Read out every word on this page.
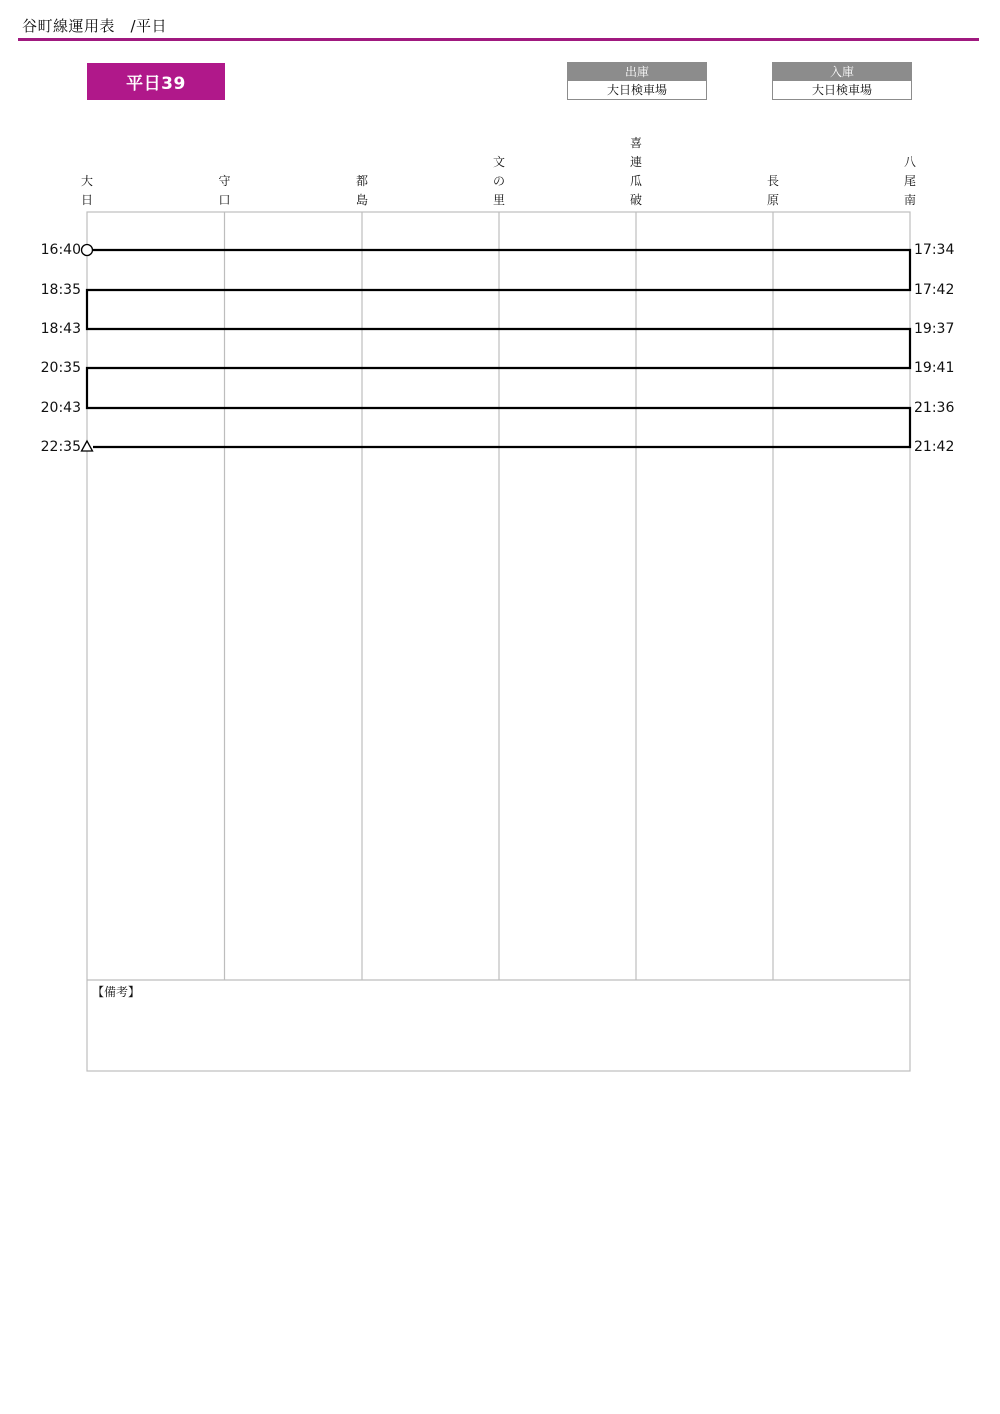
谷町線運用表　/平日
平日39
出庫
大日検車場
入庫
大日検車場
大
日
守
口
都
島
文
の
里
喜
連
瓜
破
長
原
八
尾
南
16:40
18:35
18:43
20:35
20:43
22:35
17:34
17:42
19:37
19:41
21:36
21:42
【備考】
